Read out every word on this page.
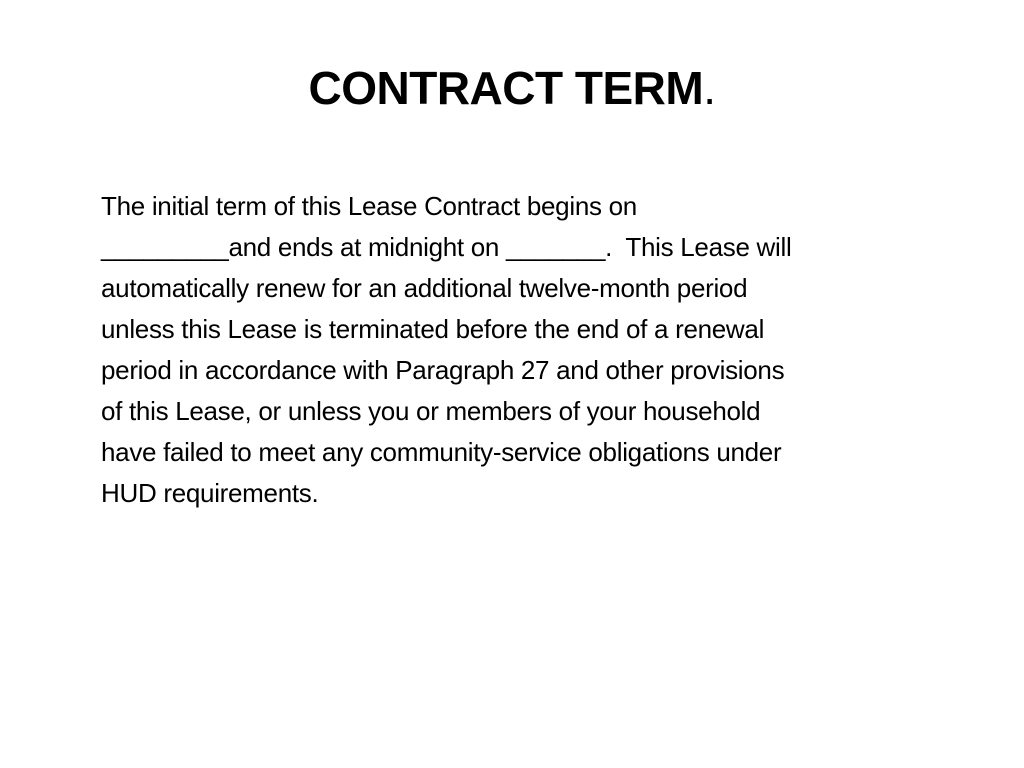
CONTRACT TERM.
The initial term of this Lease Contract begins on
_________and ends at midnight on _______.  This Lease will
automatically renew for an additional twelve-month period
unless this Lease is terminated before the end of a renewal
period in accordance with Paragraph 27 and other provisions
of this Lease, or unless you or members of your household
have failed to meet any community-service obligations under
HUD requirements.
